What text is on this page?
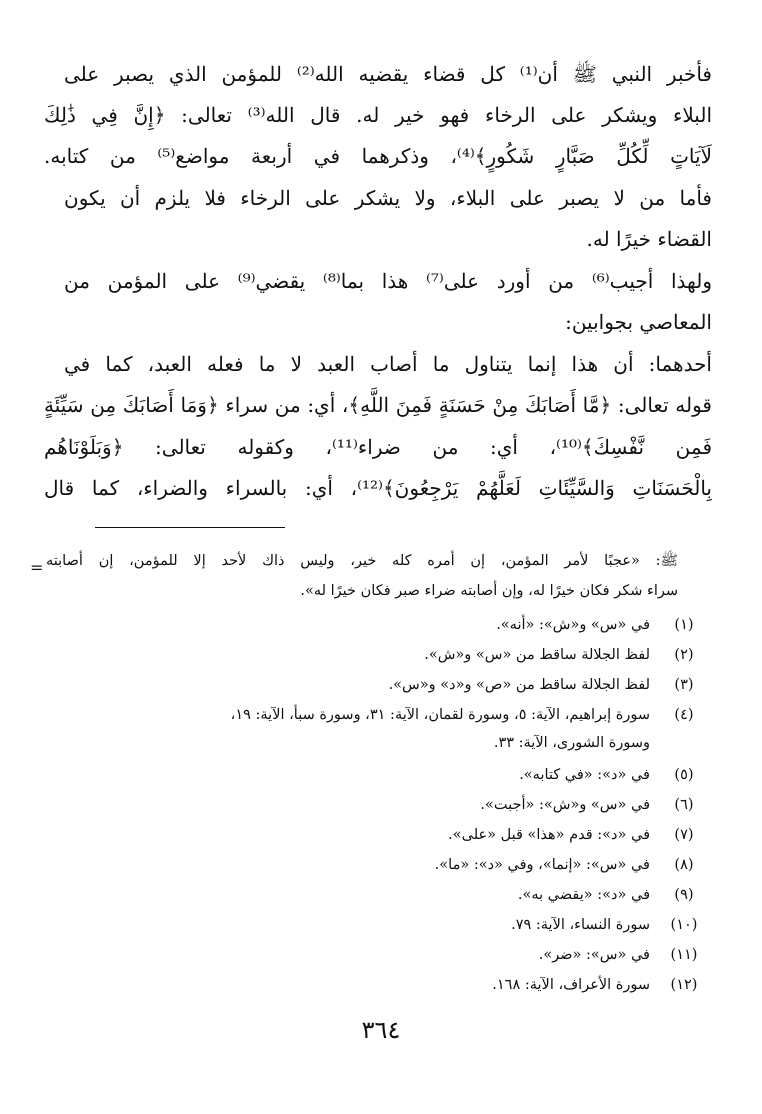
فأخبر النبي ﷺ أن⁽¹⁾ كل قضاء يقضيه الله⁽²⁾ للمؤمن الذي يصبر على
البلاء ويشكر على الرخاء فهو خير له. قال الله⁽³⁾ تعالى: ﴿إِنَّ فِي ذَٰلِكَ
لَآيَاتٍ لِّكُلِّ صَبَّارٍ شَكُورٍ﴾⁽⁴⁾، وذكرهما في أربعة مواضع⁽⁵⁾ من كتابه.
فأما من لا يصبر على البلاء، ولا يشكر على الرخاء فلا يلزم أن يكون
القضاء خيرًا له.
ولهذا أجيب⁽⁶⁾ من أورد على⁽⁷⁾ هذا بما⁽⁸⁾ يقضي⁽⁹⁾ على المؤمن من
المعاصي بجوابين:
أحدهما: أن هذا إنما يتناول ما أصاب العبد لا ما فعله العبد، كما في
قوله تعالى: ﴿مَّا أَصَابَكَ مِنْ حَسَنَةٍ فَمِنَ اللَّهِ﴾، أي: من سراء ﴿وَمَا أَصَابَكَ مِن سَيِّئَةٍ
فَمِن نَّفْسِكَ﴾⁽¹⁰⁾، أي: من ضراء⁽¹¹⁾، وكقوله تعالى: ﴿وَبَلَوْنَاهُم
بِالْحَسَنَاتِ وَالسَّيِّئَاتِ لَعَلَّهُمْ يَرْجِعُونَ﴾⁽¹²⁾، أي: بالسراء والضراء، كما قال
= ﷺ: «عجبًا لأمر المؤمن، إن أمره كله خير، وليس ذاك لأحد إلا للمؤمن، إن أصابته
سراء شكر فكان خيرًا له، وإن أصابته ضراء صبر فكان خيرًا له».
(١)
في «س» و«ش»: «أنه».
(٢)
لفظ الجلالة ساقط من «س» و«ش».
(٣)
لفظ الجلالة ساقط من «ص» و«د» و«س».
(٤)
سورة إبراهيم، الآية: ٥، وسورة لقمان، الآية: ٣١، وسورة سبأ، الآية: ١٩،
وسورة الشورى، الآية: ٣٣.
(٥)
في «د»: «في كتابه».
(٦)
في «س» و«ش»: «أجبت».
(٧)
في «د»: قدم «هذا» قبل «على».
(٨)
في «س»: «إنما»، وفي «د»: «ما».
(٩)
في «د»: «يقضي به».
(١٠)
سورة النساء، الآية: ٧٩.
(١١)
في «س»: «ضر».
(١٢)
سورة الأعراف، الآية: ١٦٨.
٣٦٤
